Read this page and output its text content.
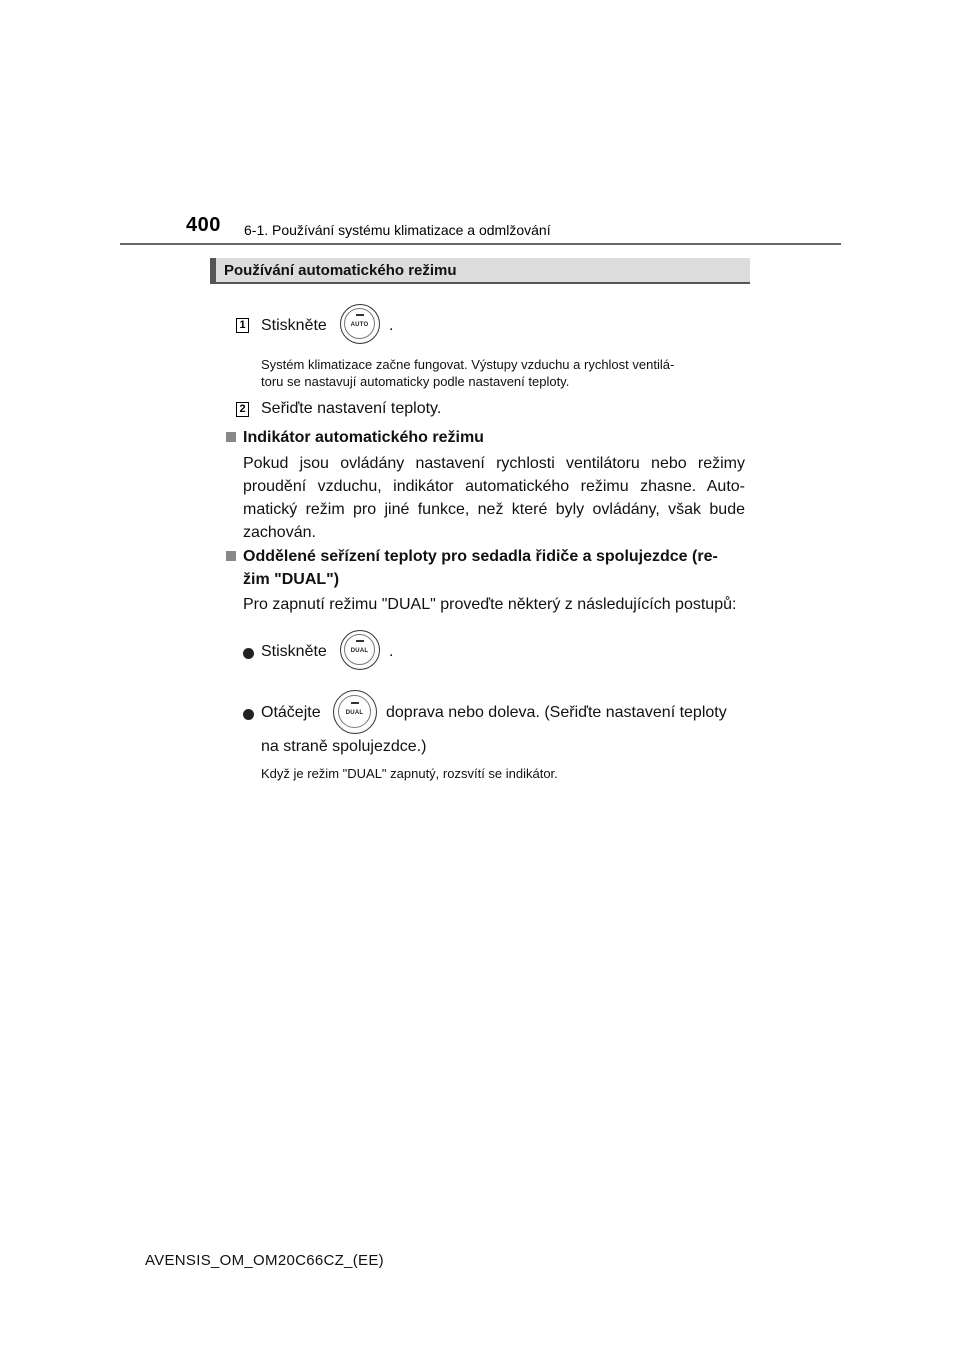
400 6-1. Používání systému klimatizace a odmlžování
Používání automatického režimu
1 Stiskněte	AUTO	.
Systém klimatizace začne fungovat. Výstupy vzduchu a rychlost ventilá-
toru se nastavují automaticky podle nastavení teploty.
2 Seřiďte nastavení teploty.
Indikátor automatického režimu
Pokud jsou ovládány nastavení rychlosti ventilátoru nebo režimy proudění vzduchu, indikátor automatického režimu zhasne. Auto-matický režim pro jiné funkce, než které byly ovládány, však bude zachován.
Oddělené seřízení teploty pro sedadla řidiče a spolujezdce (re-
žim "DUAL")
Pro zapnutí režimu "DUAL" proveďte některý z následujících postupů:
Stiskněte	DUAL	.
Otáčejte	DUAL	doprava nebo doleva. (Seřiďte nastavení teploty
na straně spolujezdce.)
Když je režim "DUAL" zapnutý, rozsvítí se indikátor.
AVENSIS_OM_OM20C66CZ_(EE)
